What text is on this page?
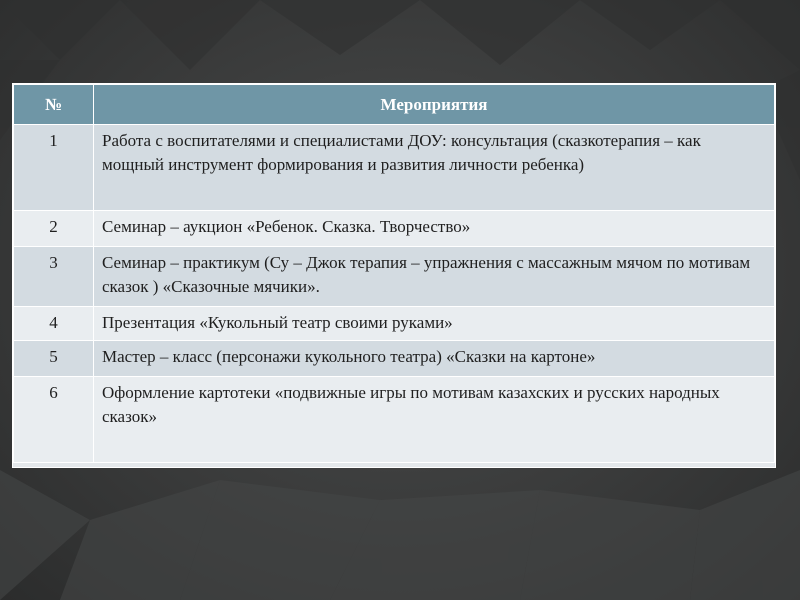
№	Мероприятия
1	Работа с воспитателями и специалистами ДОУ: консультация (сказкотерапия – как мощный инструмент формирования и развития личности ребенка)
2	Семинар – аукцион «Ребенок. Сказка. Творчество»
3	Семинар – практикум (Су – Джок терапия – упражнения с массажным мячом по мотивам сказок ) «Сказочные мячики».
4	Презентация «Кукольный театр своими руками»
5	Мастер – класс (персонажи кукольного театра) «Сказки на картоне»
6	Оформление картотеки «подвижные игры по мотивам казахских и русских народных сказок»
